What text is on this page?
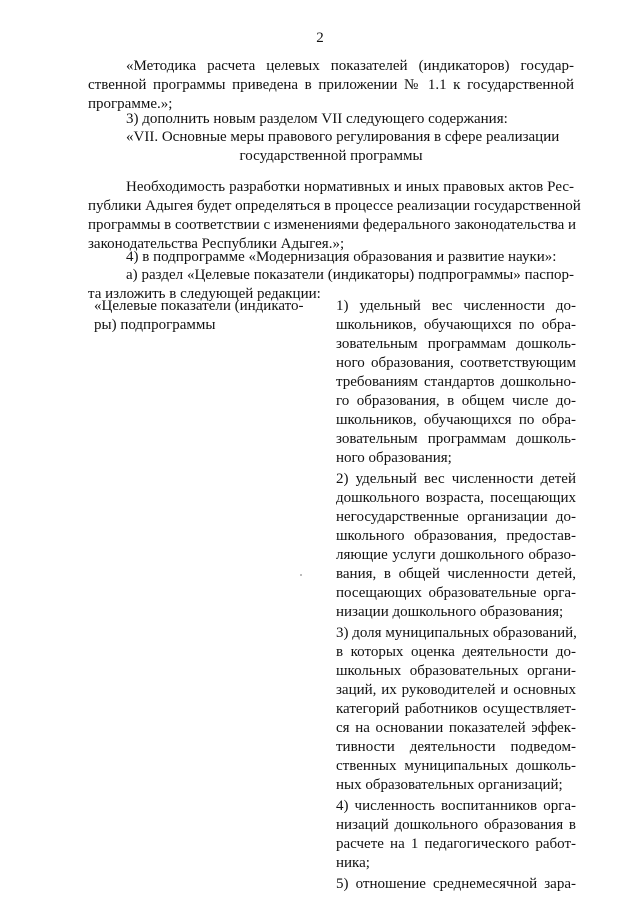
2
«Методика расчета целевых показателей (индикаторов) государ-
ственной программы приведена в приложении № 1.1 к государственной
программе.»;
3) дополнить новым разделом VII следующего содержания:
«VII. Основные меры правового регулирования в сфере реализации
государственной программы
Необходимость разработки нормативных и иных правовых актов Рес-
публики Адыгея будет определяться в процессе реализации государственной
программы в соответствии с изменениями федерального законодательства и
законодательства Республики Адыгея.»;
4) в подпрограмме «Модернизация образования и развитие науки»:
а) раздел «Целевые показатели (индикаторы) подпрограммы» паспор-
та изложить в следующей редакции:
«Целевые показатели (индикато-
ры) подпрограммы
1) удельный вес численности до-
школьников, обучающихся по обра-
зовательным программам дошколь-
ного образования, соответствующим
требованиям стандартов дошкольно-
го образования, в общем числе до-
школьников, обучающихся по обра-
зовательным программам дошколь-
ного образования;
2) удельный вес численности детей
дошкольного возраста, посещающих
негосударственные организации до-
школьного образования, предостав-
ляющие услуги дошкольного образо-
вания, в общей численности детей,
посещающих образовательные орга-
низации дошкольного образования;
3) доля муниципальных образований,
в которых оценка деятельности до-
школьных образовательных органи-
заций, их руководителей и основных
категорий работников осуществляет-
ся на основании показателей эффек-
тивности деятельности подведом-
ственных муниципальных дошколь-
ных образовательных организаций;
4) численность воспитанников орга-
низаций дошкольного образования в
расчете на 1 педагогического работ-
ника;
5) отношение среднемесячной зара-
